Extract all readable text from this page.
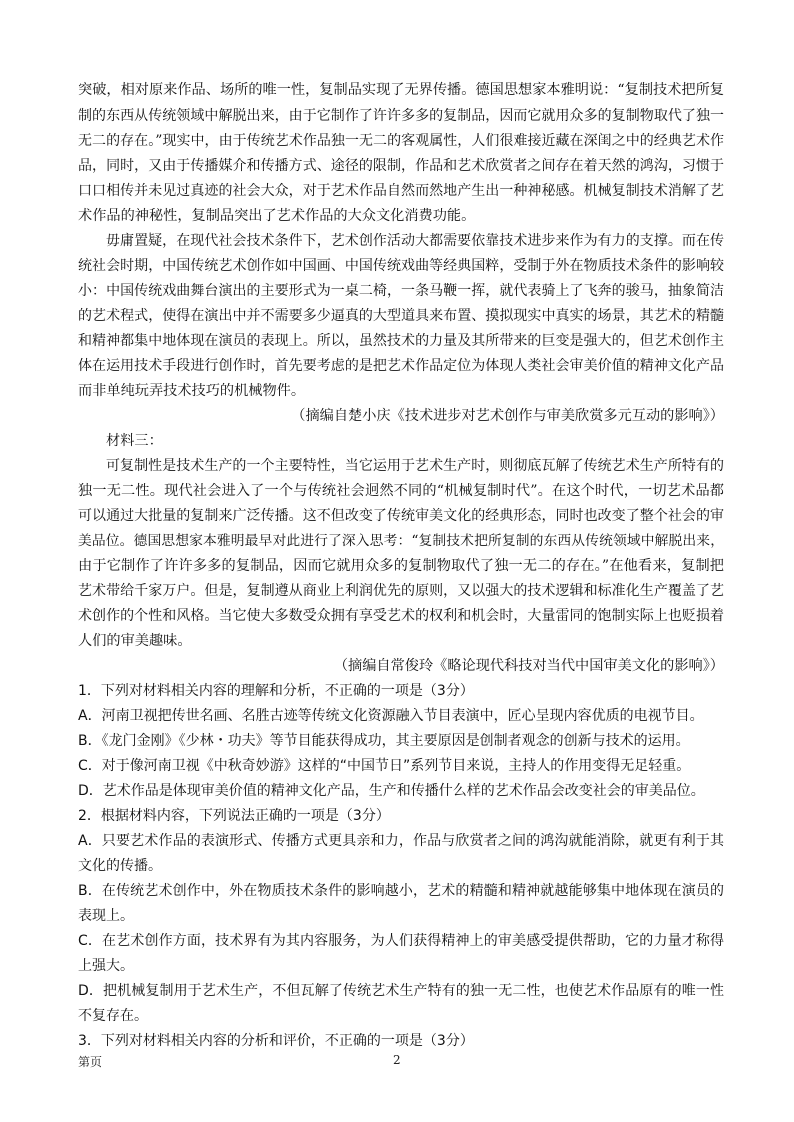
突破，相对原来作品、场所的唯一性，复制品实现了无界传播。德国思想家本雅明说：“复制技术把所复
制的东西从传统领域中解脱出来，由于它制作了许许多多的复制品，因而它就用众多的复制物取代了独一
无二的存在。”现实中，由于传统艺术作品独一无二的客观属性，人们很难接近藏在深闺之中的经典艺术作
品，同时，又由于传播媒介和传播方式、途径的限制，作品和艺术欣赏者之间存在着天然的鸿沟，习惯于
口口相传并未见过真迹的社会大众，对于艺术作品自然而然地产生出一种神秘感。机械复制技术消解了艺
术作品的神秘性，复制品突出了艺术作品的大众文化消费功能。
毋庸置疑，在现代社会技术条件下，艺术创作活动大都需要依靠技术进步来作为有力的支撑。而在传
统社会时期，中国传统艺术创作如中国画、中国传统戏曲等经典国粹，受制于外在物质技术条件的影响较
小：中国传统戏曲舞台演出的主要形式为一桌二椅，一条马鞭一挥，就代表骑上了飞奔的骏马，抽象简洁
的艺术程式，使得在演出中并不需要多少逼真的大型道具来布置、摸拟现实中真实的场景，其艺术的精髓
和精神都集中地体现在演员的表现上。所以，虽然技术的力量及其所带来的巨变是强大的，但艺术创作主
体在运用技术手段进行创作时，首先要考虑的是把艺术作品定位为体现人类社会审美价值的精神文化产品
而非单纯玩弄技术技巧的机械物件。
（摘编自楚小庆《技术进步对艺术创作与审美欣赏多元互动的影响》）
材料三：
可复制性是技术生产的一个主要特性，当它运用于艺术生产时，则彻底瓦解了传统艺术生产所特有的
独一无二性。现代社会进入了一个与传统社会迥然不同的“机械复制时代”。在这个时代，一切艺术品都
可以通过大批量的复制来广泛传播。这不但改变了传统审美文化的经典形态，同时也改变了整个社会的审
美品位。德国思想家本雅明最早对此进行了深入思考：“复制技术把所复制的东西从传统领域中解脱出来，
由于它制作了许许多多的复制品，因而它就用众多的复制物取代了独一无二的存在。”在他看来，复制把
艺术带给千家万户。但是，复制遵从商业上利润优先的原则，又以强大的技术逻辑和标准化生产覆盖了艺
术创作的个性和风格。当它使大多数受众拥有享受艺术的权利和机会时，大量雷同的饱制实际上也贬损着
人们的审美趣味。
（摘编自常俊玲《略论现代科技对当代中国审美文化的影响》）
1．下列对材料相关内容的理解和分析，不正确的一项是（3分）
A．河南卫视把传世名画、名胜古迹等传统文化资源融入节目表演中，匠心呈现内容优质的电视节目。
B．《龙门金刚》《少林・功夫》等节目能获得成功，其主要原因是创制者观念的创新与技术的运用。
C．对于像河南卫视《中秋奇妙游》这样的“中国节日”系列节目来说，主持人的作用变得无足轻重。
D．艺术作品是体现审美价值的精神文化产品，生产和传播什么样的艺术作品会改变社会的审美品位。
2．根据材料内容，下列说法正确旳一项是（3分）
A．只要艺术作品的表演形式、传播方式更具亲和力，作品与欣赏者之间的鸿沟就能消除，就更有利于其
文化的传播。
B．在传统艺术创作中，外在物质技术条件的影响越小，艺术的精髓和精神就越能够集中地体现在演员的
表现上。
C．在艺术创作方面，技术界有为其内容服务，为人们获得精神上的审美感受提供帮助，它的力量才称得
上强大。
D．把机械复制用于艺术生产，不但瓦解了传统艺术生产特有的独一无二性，也使艺术作品原有的唯一性
不复存在。
3．下列对材料相关内容的分析和评价，不正确的一项是（3分）
第页	2
